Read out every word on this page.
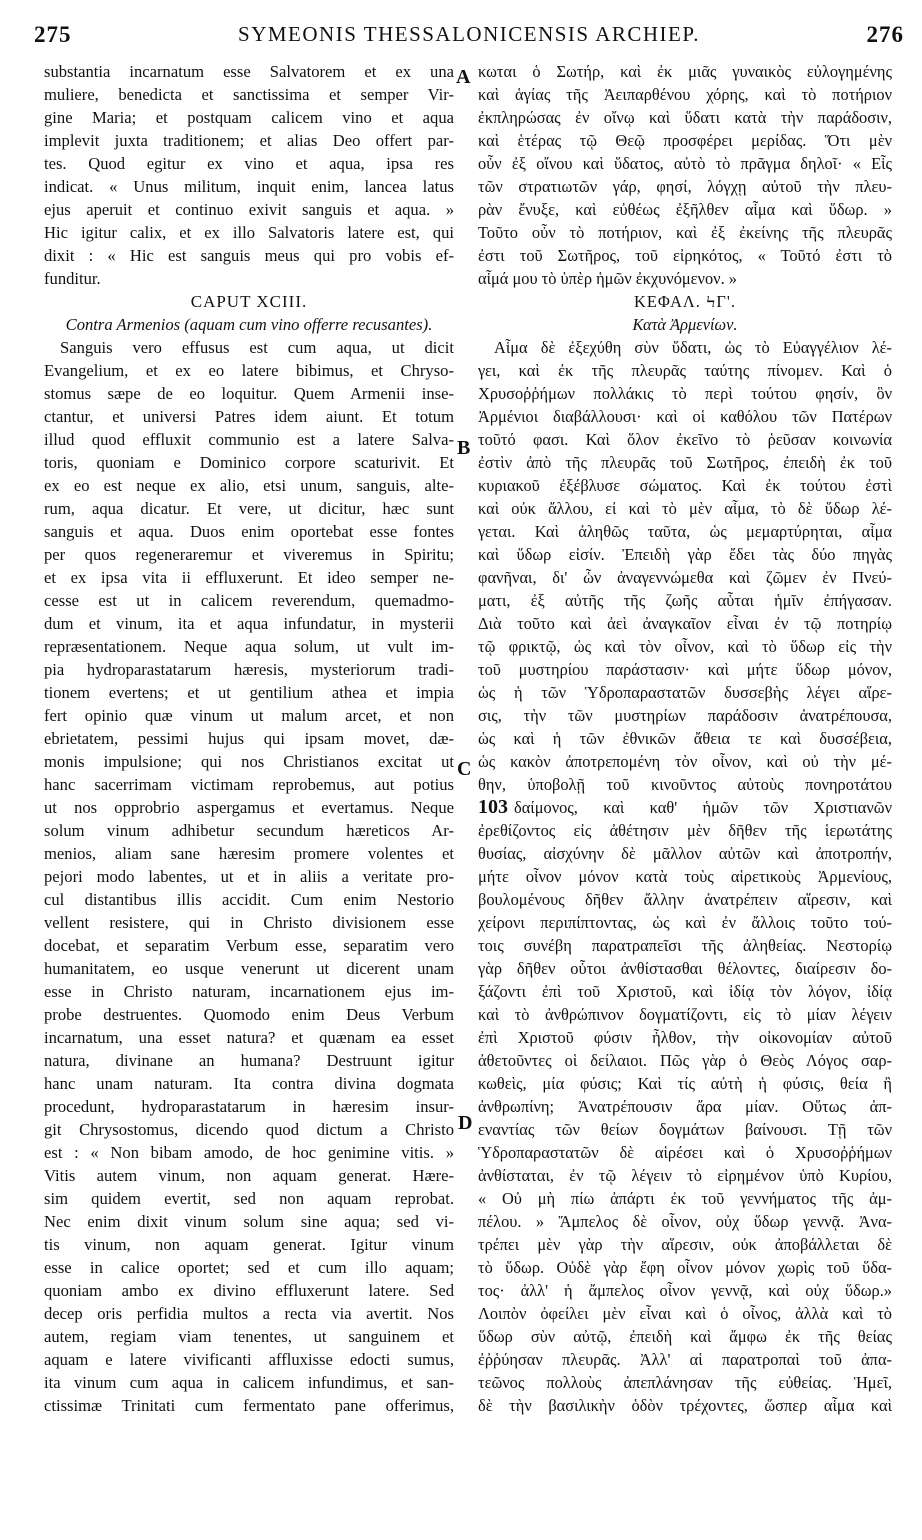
275	SYMEONIS THESSALONICENSIS ARCHIEP.	276
A
B
C
D
substantia incarnatum esse Salvatorem et ex una
muliere, benedicta et sanctissima et semper Vir-
gine Maria; et postquam calicem vino et aqua
implevit juxta traditionem; et alias Deo offert par-
tes. Quod egitur ex vino et aqua, ipsa res
indicat. « Unus militum, inquit enim, lancea latus
ejus aperuit et continuo exivit sanguis et aqua. »
Hic igitur calix, et ex illo Salvatoris latere est, qui
dixit : « Hic est sanguis meus qui pro vobis ef-
funditur.
CAPUT XCIII.
Contra Armenios (aquam cum vino offerre recusantes).
Sanguis vero effusus est cum aqua, ut dicit
Evangelium, et ex eo latere bibimus, et Chryso-
stomus sæpe de eo loquitur. Quem Armenii inse-
ctantur, et universi Patres idem aiunt. Et totum
illud quod effluxit communio est a latere Salva-
toris, quoniam e Dominico corpore scaturivit. Et
ex eo est neque ex alio, etsi unum, sanguis, alte-
rum, aqua dicatur. Et vere, ut dicitur, hæc sunt
sanguis et aqua. Duos enim oportebat esse fontes
per quos regeneraremur et viveremus in Spiritu;
et ex ipsa vita ii effluxerunt. Et ideo semper ne-
cesse est ut in calicem reverendum, quemadmo-
dum et vinum, ita et aqua infundatur, in mysterii
repræsentationem. Neque aqua solum, ut vult im-
pia hydroparastatarum hæresis, mysteriorum tradi-
tionem evertens; et ut gentilium athea et impia
fert opinio quæ vinum ut malum arcet, et non
ebrietatem, pessimi hujus qui ipsam movet, dæ-
monis impulsione; qui nos Christianos excitat ut
hanc sacerrimam victimam reprobemus, aut potius
ut nos opprobrio aspergamus et evertamus. Neque
solum vinum adhibetur secundum hæreticos Ar-
menios, aliam sane hæresim promere volentes et
pejori modo labentes, ut et in aliis a veritate pro-
cul distantibus illis accidit. Cum enim Nestorio
vellent resistere, qui in Christo divisionem esse
docebat, et separatim Verbum esse, separatim vero
humanitatem, eo usque venerunt ut dicerent unam
esse in Christo naturam, incarnationem ejus im-
probe destruentes. Quomodo enim Deus Verbum
incarnatum, una esset natura? et quænam ea esset
natura, divinane an humana? Destruunt igitur
hanc unam naturam. Ita contra divina dogmata
procedunt, hydroparastatarum in hæresim insur-
git Chrysostomus, dicendo quod dictum a Christo
est : « Non bibam amodo, de hoc genimine vitis. »
Vitis autem vinum, non aquam generat. Hære-
sim quidem evertit, sed non aquam reprobat.
Nec enim dixit vinum solum sine aqua; sed vi-
tis vinum, non aquam generat. Igitur vinum
esse in calice oportet; sed et cum illo aquam;
quoniam ambo ex divino effluxerunt latere. Sed
decep oris perfidia multos a recta via avertit. Nos
autem, regiam viam tenentes, ut sanguinem et
aquam e latere vivificanti affluxisse edocti sumus,
ita vinum cum aqua in calicem infundimus, et san-
ctissimæ Trinitati cum fermentato pane offerimus,
κωται ὁ Σωτήρ, καὶ ἐκ μιᾶς γυναικὸς εὐλογημένης
καὶ ἁγίας τῆς Ἀειπαρθένου χόρης, καὶ τὸ ποτήριον
ἐκπληρώσας ἐν οἴνῳ καὶ ὕδατι κατὰ τὴν παράδοσιν,
καὶ ἑτέρας τῷ Θεῷ προσφέρει μερίδας. Ὅτι μὲν
οὖν ἐξ οἴνου καὶ ὕδατος, αὐτὸ τὸ πρᾶγμα δηλοῖ· « Εἷς
τῶν στρατιωτῶν γάρ, φησί, λόγχῃ αὐτοῦ τὴν πλευ-
ρὰν ἔνυξε, καὶ εὐθέως ἐξῆλθεν αἷμα καὶ ὕδωρ. »
Τοῦτο οὖν τὸ ποτήριον, καὶ ἐξ ἐκείνης τῆς πλευρᾶς
ἐστι τοῦ Σωτῆρος, τοῦ εἰρηκότος, « Τοῦτό ἐστι τὸ
αἷμά μου τὸ ὑπὲρ ἡμῶν ἐκχυνόμενον. »
ΚΕΦΑΛ. ϞΓ'.
Κατὰ Ἀρμενίων.
Αἷμα δὲ ἐξεχύθη σὺν ὕδατι, ὡς τὸ Εὐαγγέλιον λέ-
γει, καὶ ἐκ τῆς πλευρᾶς ταύτης πίνομεν. Καὶ ὁ
Χρυσοῤῥήμων πολλάκις τὸ περὶ τούτου φησίν, ὃν
Ἀρμένιοι διαβάλλουσι· καὶ οἱ καθόλου τῶν Πατέρων
τοῦτό φασι. Καὶ ὅλον ἐκεῖνο τὸ ῥεῦσαν κοινωνία
ἐστὶν ἀπὸ τῆς πλευρᾶς τοῦ Σωτῆρος, ἐπειδὴ ἐκ τοῦ
κυριακοῦ ἐξέβλυσε σώματος. Καὶ ἐκ τούτου ἐστὶ
καὶ οὐκ ἄλλου, εἰ καὶ τὸ μὲν αἷμα, τὸ δὲ ὕδωρ λέ-
γεται. Καὶ ἀληθῶς ταῦτα, ὡς μεμαρτύρηται, αἷμα
καὶ ὕδωρ εἰσίν. Ἐπειδὴ γὰρ ἔδει τὰς δύο πηγὰς
φανῆναι, δι' ὧν ἀναγεννώμεθα καὶ ζῶμεν ἐν Πνεύ-
ματι, ἐξ αὐτῆς τῆς ζωῆς αὗται ἡμῖν ἐπήγασαν.
Διὰ τοῦτο καὶ ἀεὶ ἀναγκαῖον εἶναι ἐν τῷ ποτηρίῳ
τῷ φρικτῷ, ὡς καὶ τὸν οἶνον, καὶ τὸ ὕδωρ εἰς τὴν
τοῦ μυστηρίου παράστασιν· καὶ μήτε ὕδωρ μόνον,
ὡς ἡ τῶν Ὑδροπαραστατῶν δυσσεβὴς λέγει αἵρε-
σις, τὴν τῶν μυστηρίων παράδοσιν ἀνατρέπουσα,
ὡς καὶ ἡ τῶν ἐθνικῶν ἄθεια τε καὶ δυσσέβεια,
ὡς κακὸν ἀποτρεπομένη τὸν οἶνον, καὶ οὐ τὴν μέ-
θην, ὑποβολῇ τοῦ κινοῦντος αὐτοὺς πονηροτάτου
103 δαίμονος, καὶ καθ' ἡμῶν τῶν Χριστιανῶν
ἐρεθίζοντος εἰς ἀθέτησιν μὲν δῆθεν τῆς ἱερωτάτης
θυσίας, αἰσχύνην δὲ μᾶλλον αὐτῶν καὶ ἀποτροπήν,
μήτε οἶνον μόνον κατὰ τοὺς αἱρετικοὺς Ἀρμενίους,
βουλομένους δῆθεν ἄλλην ἀνατρέπειν αἵρεσιν, καὶ
χείρονι περιπίπτοντας, ὡς καὶ ἐν ἄλλοις τοῦτο τού-
τοις συνέβη παρατραπεῖσι τῆς ἀληθείας. Νεστορίῳ
γὰρ δῆθεν οὗτοι ἀνθίστασθαι θέλοντες, διαίρεσιν δο-
ξάζοντι ἐπὶ τοῦ Χριστοῦ, καὶ ἰδίᾳ τὸν λόγον, ἰδίᾳ
καὶ τὸ ἀνθρώπινον δογματίζοντι, εἰς τὸ μίαν λέγειν
ἐπὶ Χριστοῦ φύσιν ἦλθον, τὴν οἰκονομίαν αὐτοῦ
ἀθετοῦντες οἱ δείλαιοι. Πῶς γὰρ ὁ Θεὸς Λόγος σαρ-
κωθεὶς, μία φύσις; Καὶ τίς αὐτὴ ἡ φύσις, θεία ἢ
ἀνθρωπίνη; Ἀνατρέπουσιν ἄρα μίαν. Οὕτως ἀπ-
εναντίας τῶν θείων δογμάτων βαίνουσι. Τῇ τῶν
Ὑδροπαραστατῶν δὲ αἱρέσει καὶ ὁ Χρυσοῤῥήμων
ἀνθίσταται, ἐν τῷ λέγειν τὸ εἰρημένον ὑπὸ Κυρίου,
« Οὐ μὴ πίω ἀπάρτι ἐκ τοῦ γεννήματος τῆς ἀμ-
πέλου. » Ἄμπελος δὲ οἶνον, οὐχ ὕδωρ γεννᾷ. Ἀνα-
τρέπει μὲν γὰρ τὴν αἵρεσιν, οὐκ ἀποβάλλεται δὲ
τὸ ὕδωρ. Οὐδὲ γὰρ ἔφη οἶνον μόνον χωρὶς τοῦ ὕδα-
τος· ἀλλ' ἡ ἄμπελος οἶνον γεννᾷ, καὶ οὐχ ὕδωρ.»
Λοιπὸν ὀφείλει μὲν εἶναι καὶ ὁ οἶνος, ἀλλὰ καὶ τὸ
ὕδωρ σὺν αὐτῷ, ἐπειδὴ καὶ ἄμφω ἐκ τῆς θείας
ἐῤῥύησαν πλευρᾶς. Ἀλλ' αἱ παρατροπαὶ τοῦ ἀπα-
τεῶνος πολλοὺς ἀπεπλάνησαν τῆς εὐθείας. Ἡμεῖ,
δὲ τὴν βασιλικὴν ὁδὸν τρέχοντες, ὥσπερ αἷμα καὶ
